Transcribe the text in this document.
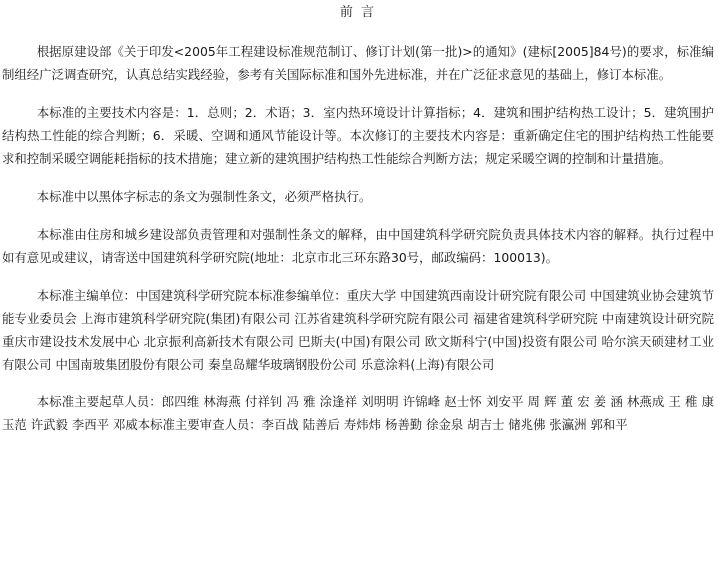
前 言

根据原建设部《关于印发<2005年工程建设标准规范制订、修订计划(第一批)>的通知》(建标[2005]84号)的要求，标准编制组经广泛调查研究，认真总结实践经验，参考有关国际标准和国外先进标准，并在广泛征求意见的基础上，修订本标准。

本标准的主要技术内容是：1．总则；2．术语；3．室内热环境设计计算指标；4．建筑和围护结构热工设计；5．建筑围护结构热工性能的综合判断；6．采暖、空调和通风节能设计等。本次修订的主要技术内容是：重新确定住宅的围护结构热工性能要求和控制采暖空调能耗指标的技术措施；建立新的建筑围护结构热工性能综合判断方法；规定采暖空调的控制和计量措施。

本标准中以黑体字标志的条文为强制性条文，必须严格执行。

本标准由住房和城乡建设部负责管理和对强制性条文的解释，由中国建筑科学研究院负责具体技术内容的解释。执行过程中如有意见或建议，请寄送中国建筑科学研究院(地址：北京市北三环东路30号，邮政编码：100013)。

本标准主编单位：中国建筑科学研究院本标准参编单位：重庆大学 中国建筑西南设计研究院有限公司 中国建筑业协会建筑节能专业委员会 上海市建筑科学研究院(集团)有限公司 江苏省建筑科学研究院有限公司 福建省建筑科学研究院 中南建筑设计研究院 重庆市建设技术发展中心 北京振利高新技术有限公司 巴斯夫(中国)有限公司 欧文斯科宁(中国)投资有限公司 哈尔滨天硕建材工业有限公司 中国南玻集团股份有限公司 秦皇岛耀华玻璃钢股份公司 乐意涂料(上海)有限公司

本标准主要起草人员：郎四维 林海燕 付祥钊 冯 雅 涂逢祥 刘明明 许锦峰 赵士怀 刘安平 周 辉 董 宏 姜 涵 林燕成 王 稚 康玉范 许武毅 李西平 邓威本标准主要审查人员：李百战 陆善后 寿炜炜 杨善勤 徐金泉 胡吉士 储兆佛 张瀛洲 郭和平
